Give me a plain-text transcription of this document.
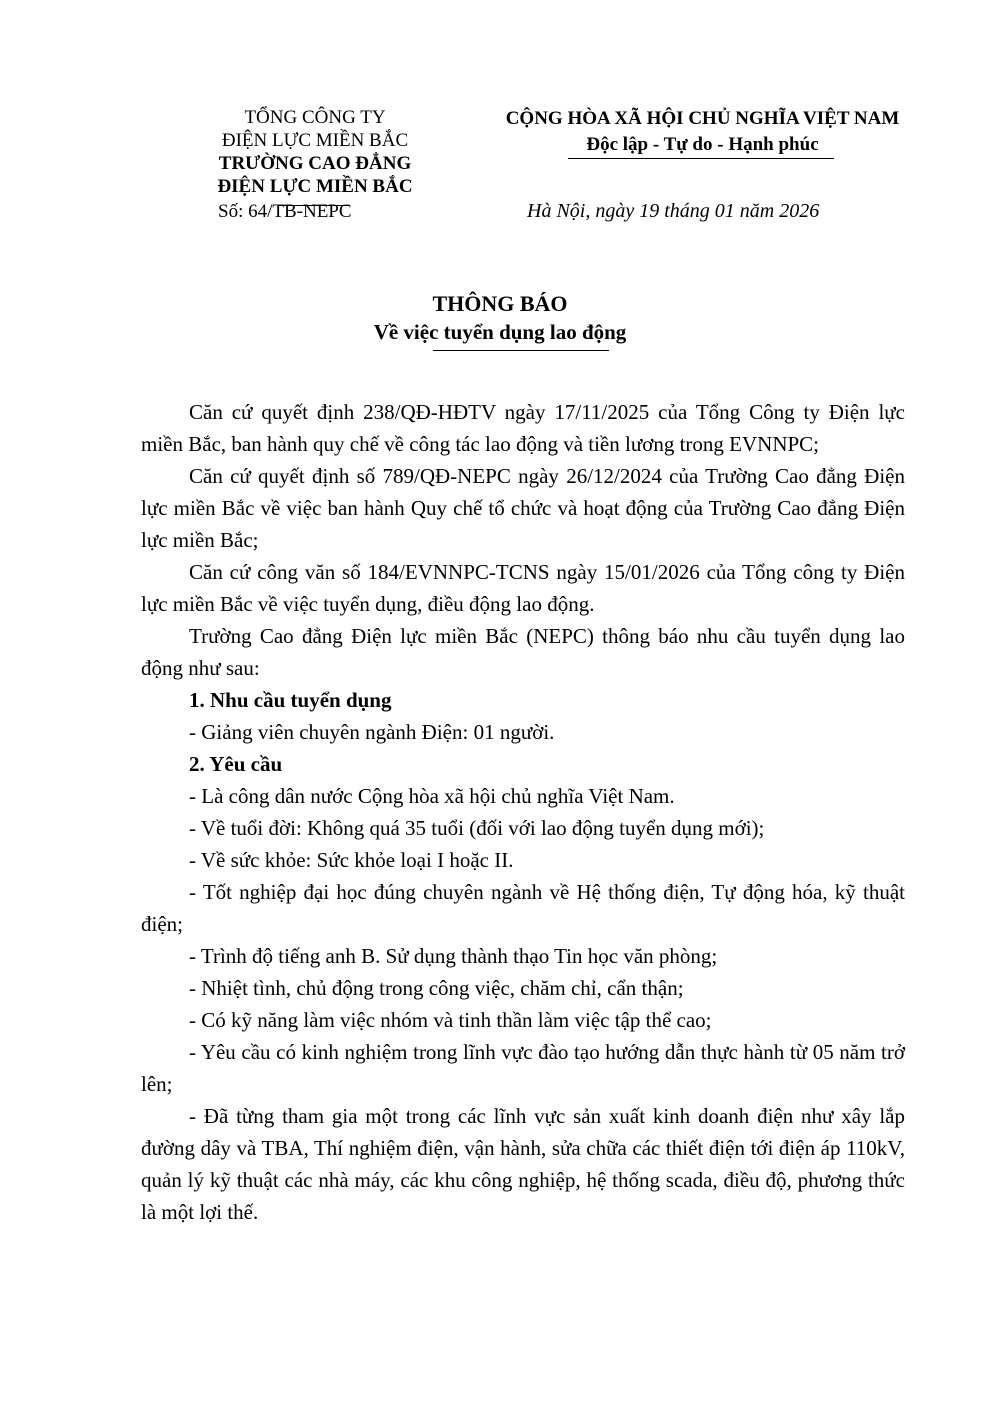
TỔNG CÔNG TY
ĐIỆN LỰC MIỀN BẮC
TRƯỜNG CAO ĐẲNG
ĐIỆN LỰC MIỀN BẮC
Số: 64/TB-NEPC
CỘNG HÒA XÃ HỘI CHỦ NGHĨA VIỆT NAM
Độc lập - Tự do - Hạnh phúc
Hà Nội, ngày 19 tháng 01 năm 2026
THÔNG BÁO
Về việc tuyển dụng lao động

Căn cứ quyết định 238/QĐ-HĐTV ngày 17/11/2025 của Tổng Công ty Điện lực miền Bắc, ban hành quy chế về công tác lao động và tiền lương trong EVNNPC;

Căn cứ quyết định số 789/QĐ-NEPC ngày 26/12/2024 của Trường Cao đẳng Điện lực miền Bắc về việc ban hành Quy chế tổ chức và hoạt động của Trường Cao đẳng Điện lực miền Bắc;

Căn cứ công văn số 184/EVNNPC-TCNS ngày 15/01/2026 của Tổng công ty Điện lực miền Bắc về việc tuyển dụng, điều động lao động.

Trường Cao đẳng Điện lực miền Bắc (NEPC) thông báo nhu cầu tuyển dụng lao động như sau:

1. Nhu cầu tuyển dụng

- Giảng viên chuyên ngành Điện: 01 người.

2. Yêu cầu

- Là công dân nước Cộng hòa xã hội chủ nghĩa Việt Nam.

- Về tuổi đời: Không quá 35 tuổi (đối với lao động tuyển dụng mới);

- Về sức khỏe: Sức khỏe loại I hoặc II.

- Tốt nghiệp đại học đúng chuyên ngành về Hệ thống điện, Tự động hóa, kỹ thuật điện;

- Trình độ tiếng anh B. Sử dụng thành thạo Tin học văn phòng;

- Nhiệt tình, chủ động trong công việc, chăm chỉ, cẩn thận;

- Có kỹ năng làm việc nhóm và tinh thần làm việc tập thể cao;

- Yêu cầu có kinh nghiệm trong lĩnh vực đào tạo hướng dẫn thực hành từ 05 năm trở lên;

- Đã từng tham gia một trong các lĩnh vực sản xuất kinh doanh điện như xây lắp đường dây và TBA, Thí nghiệm điện, vận hành, sửa chữa các thiết điện tới điện áp 110kV, quản lý kỹ thuật các nhà máy, các khu công nghiệp, hệ thống scada, điều độ, phương thức là một lợi thế.
